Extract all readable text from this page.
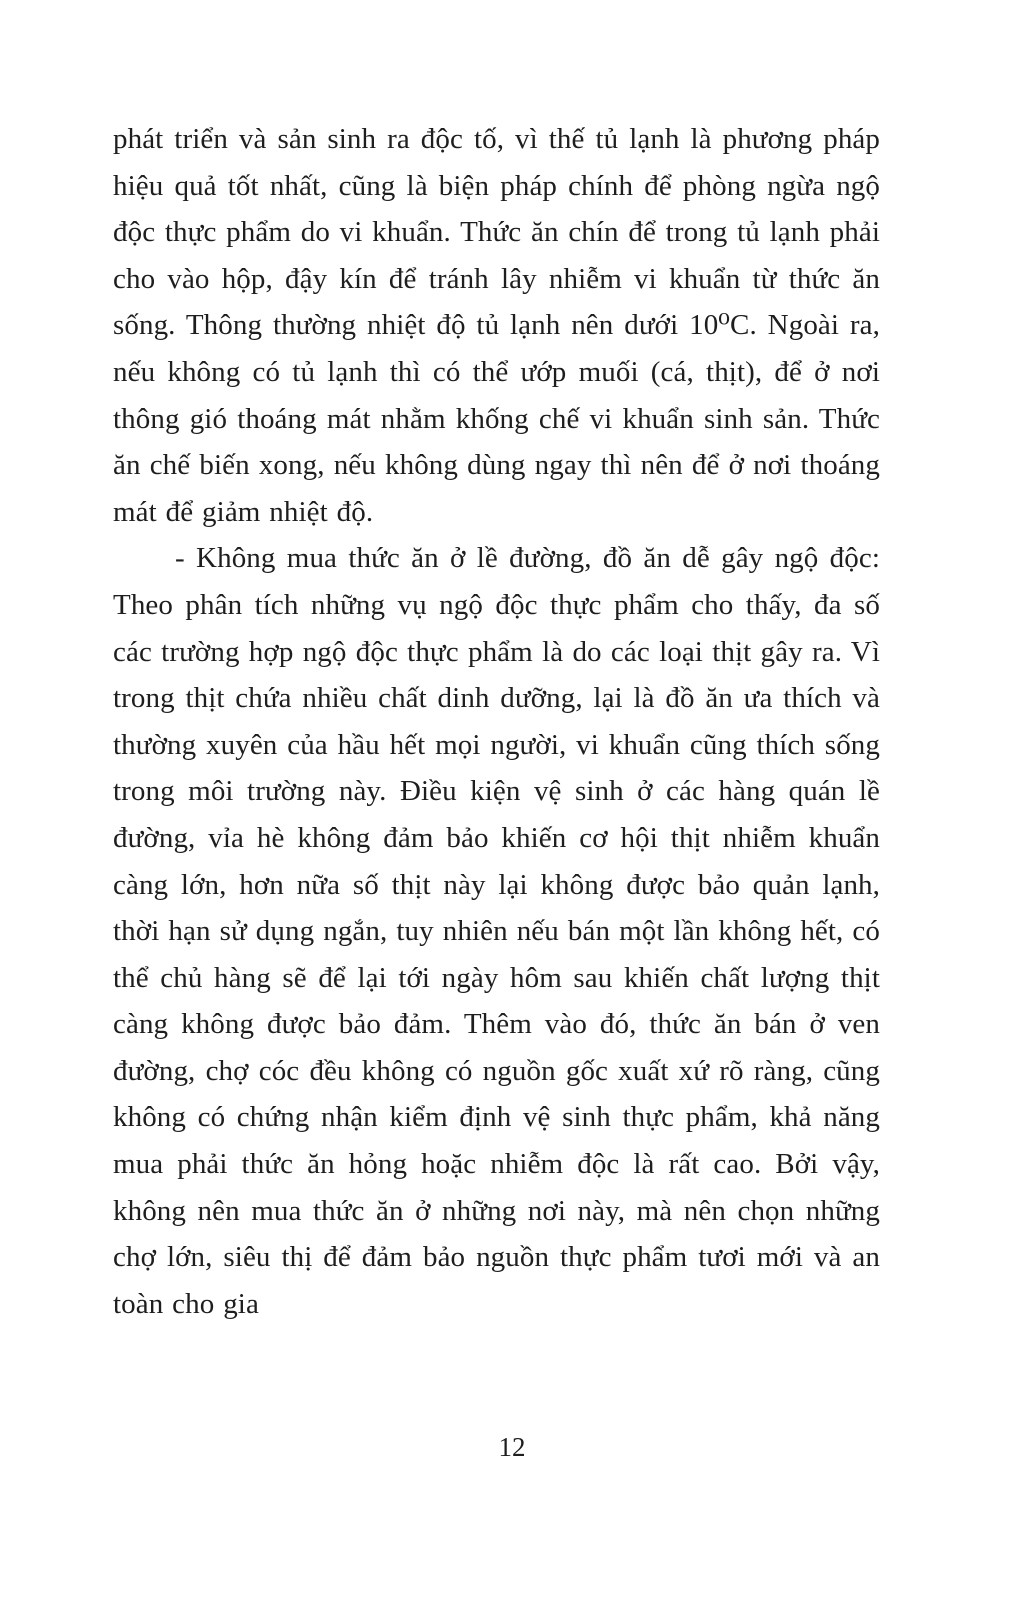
phát triển và sản sinh ra độc tố, vì thế tủ lạnh là phương pháp hiệu quả tốt nhất, cũng là biện pháp chính để phòng ngừa ngộ độc thực phẩm do vi khuẩn. Thức ăn chín để trong tủ lạnh phải cho vào hộp, đậy kín để tránh lây nhiễm vi khuẩn từ thức ăn sống. Thông thường nhiệt độ tủ lạnh nên dưới 10⁰C. Ngoài ra, nếu không có tủ lạnh thì có thể ướp muối (cá, thịt), để ở nơi thông gió thoáng mát nhằm khống chế vi khuẩn sinh sản. Thức ăn chế biến xong, nếu không dùng ngay thì nên để ở nơi thoáng mát để giảm nhiệt độ.

- Không mua thức ăn ở lề đường, đồ ăn dễ gây ngộ độc: Theo phân tích những vụ ngộ độc thực phẩm cho thấy, đa số các trường hợp ngộ độc thực phẩm là do các loại thịt gây ra. Vì trong thịt chứa nhiều chất dinh dưỡng, lại là đồ ăn ưa thích và thường xuyên của hầu hết mọi người, vi khuẩn cũng thích sống trong môi trường này. Điều kiện vệ sinh ở các hàng quán lề đường, vỉa hè không đảm bảo khiến cơ hội thịt nhiễm khuẩn càng lớn, hơn nữa số thịt này lại không được bảo quản lạnh, thời hạn sử dụng ngắn, tuy nhiên nếu bán một lần không hết, có thể chủ hàng sẽ để lại tới ngày hôm sau khiến chất lượng thịt càng không được bảo đảm. Thêm vào đó, thức ăn bán ở ven đường, chợ cóc đều không có nguồn gốc xuất xứ rõ ràng, cũng không có chứng nhận kiểm định vệ sinh thực phẩm, khả năng mua phải thức ăn hỏng hoặc nhiễm độc là rất cao. Bởi vậy, không nên mua thức ăn ở những nơi này, mà nên chọn những chợ lớn, siêu thị để đảm bảo nguồn thực phẩm tươi mới và an toàn cho gia

12
